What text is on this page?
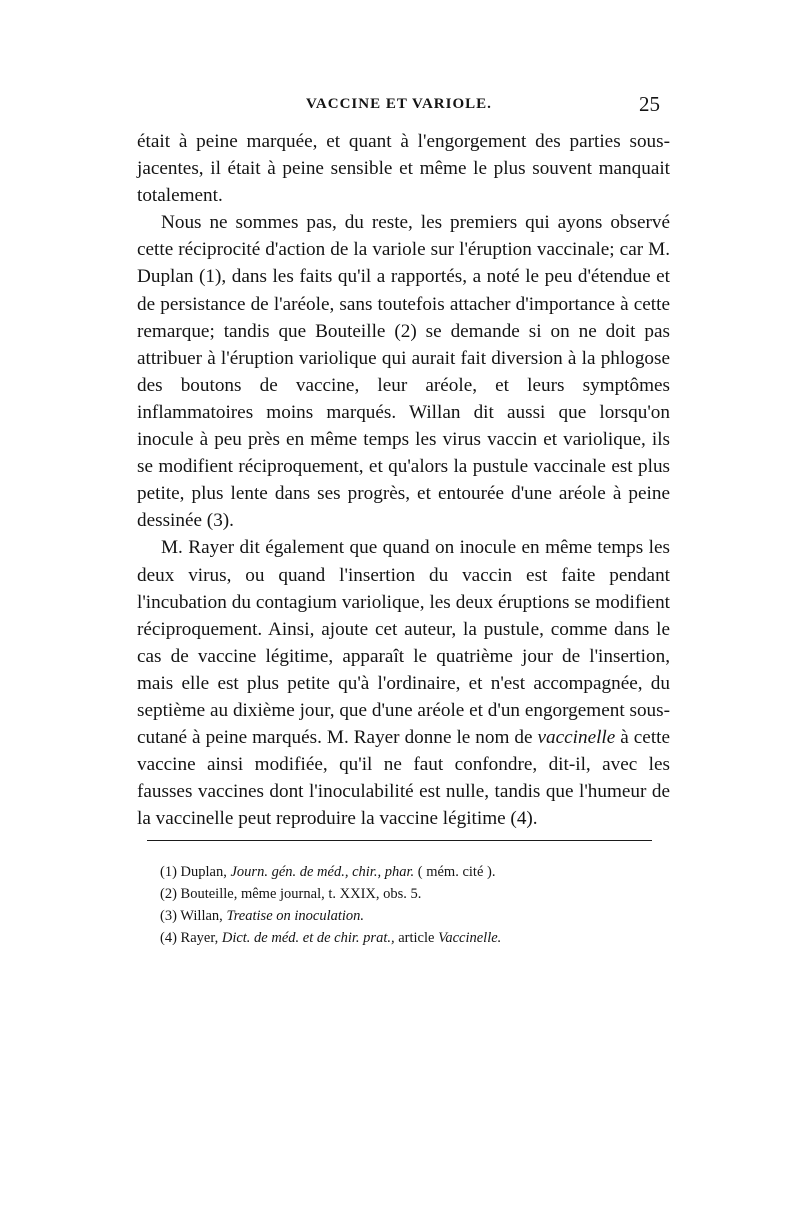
VACCINE ET VARIOLE.	25

était à peine marquée, et quant à l'engorgement des parties sous-jacentes, il était à peine sensible et même le plus souvent manquait totalement.

Nous ne sommes pas, du reste, les premiers qui ayons observé cette réciprocité d'action de la variole sur l'éruption vaccinale; car M. Duplan (1), dans les faits qu'il a rapportés, a noté le peu d'étendue et de persistance de l'aréole, sans toutefois attacher d'importance à cette remarque; tandis que Bouteille (2) se demande si on ne doit pas attribuer à l'éruption variolique qui aurait fait diversion à la phlogose des boutons de vaccine, leur aréole, et leurs symptômes inflammatoires moins marqués. Willan dit aussi que lorsqu'on inocule à peu près en même temps les virus vaccin et variolique, ils se modifient réciproquement, et qu'alors la pustule vaccinale est plus petite, plus lente dans ses progrès, et entourée d'une aréole à peine dessinée (3).

M. Rayer dit également que quand on inocule en même temps les deux virus, ou quand l'insertion du vaccin est faite pendant l'incubation du contagium variolique, les deux éruptions se modifient réciproquement. Ainsi, ajoute cet auteur, la pustule, comme dans le cas de vaccine légitime, apparaît le quatrième jour de l'insertion, mais elle est plus petite qu'à l'ordinaire, et n'est accompagnée, du septième au dixième jour, que d'une aréole et d'un engorgement sous-cutané à peine marqués. M. Rayer donne le nom de vaccinelle à cette vaccine ainsi modifiée, qu'il ne faut confondre, dit-il, avec les fausses vaccines dont l'inoculabilité est nulle, tandis que l'humeur de la vaccinelle peut reproduire la vaccine légitime (4).

(1) Duplan, Journ. gén. de méd., chir., phar. ( mém. cité ).
(2) Bouteille, même journal, t. XXIX, obs. 5.
(3) Willan, Treatise on inoculation.
(4) Rayer, Dict. de méd. et de chir. prat., article Vaccinelle.
